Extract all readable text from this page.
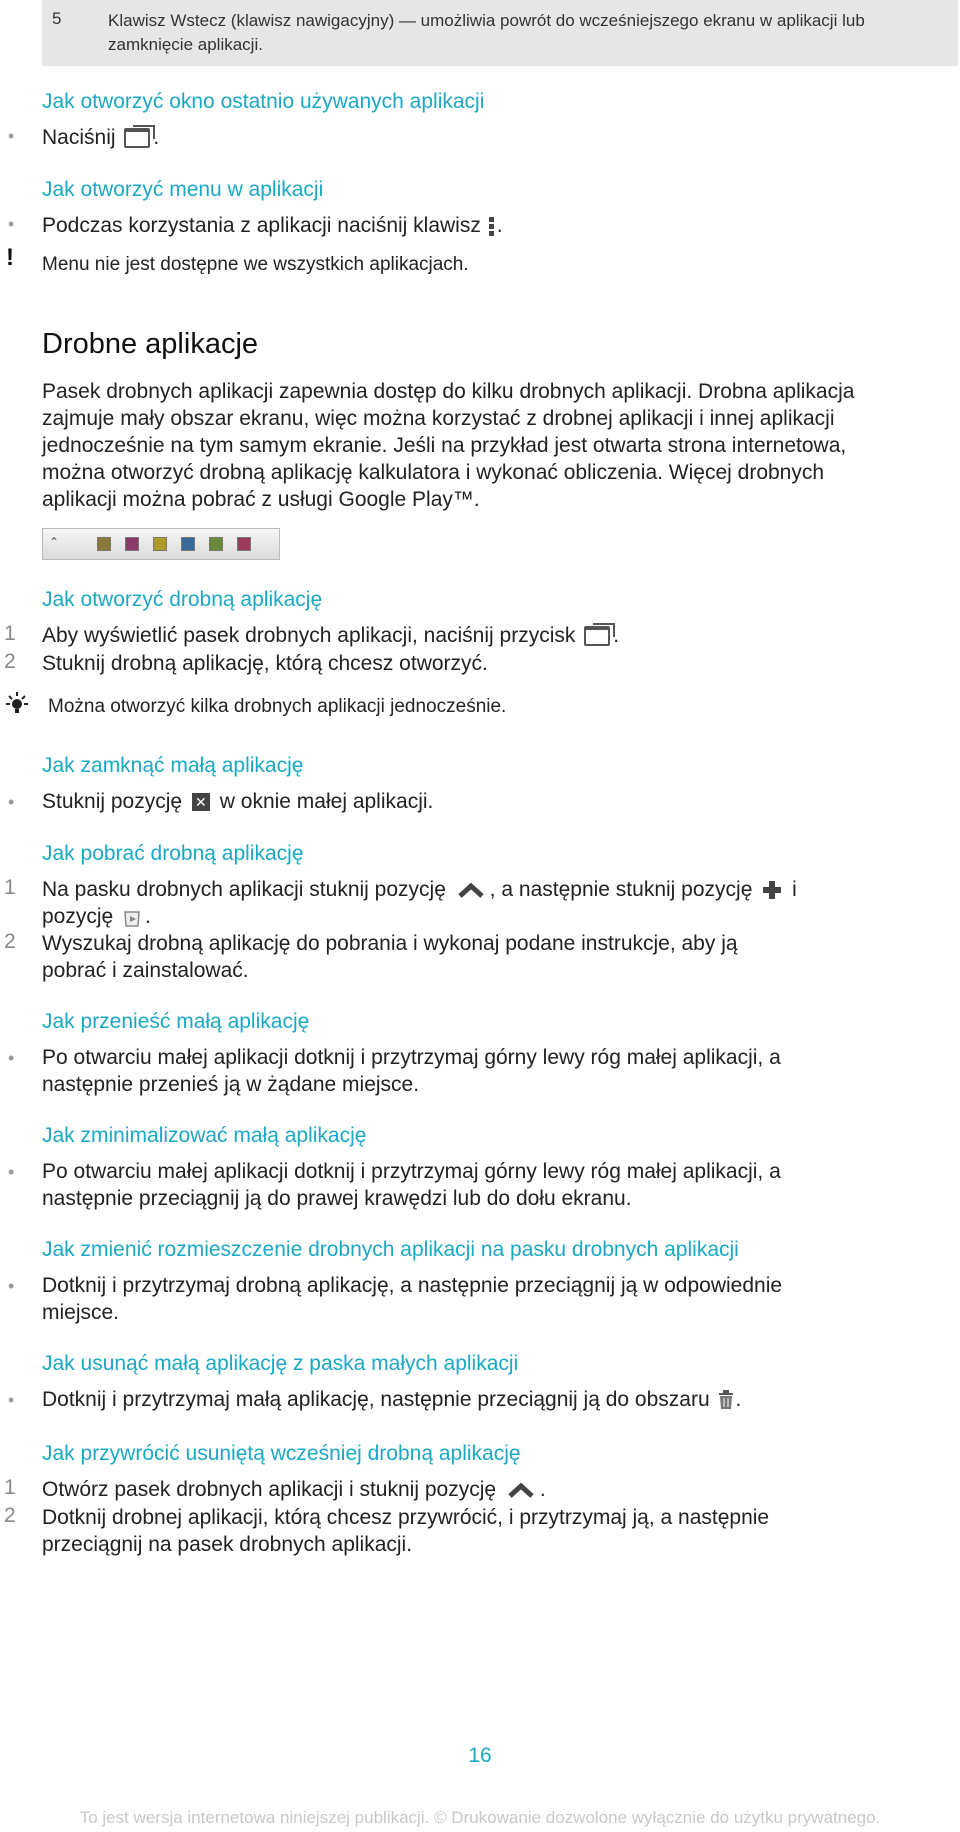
5	Klawisz Wstecz (klawisz nawigacyjny) — umożliwia powrót do wcześniejszego ekranu w aplikacji lub zamknięcie aplikacji.
Jak otworzyć okno ostatnio używanych aplikacji
• Naciśnij .
Jak otworzyć menu w aplikacji
• Podczas korzystania z aplikacji naciśnij klawisz .
! Menu nie jest dostępne we wszystkich aplikacjach.
Drobne aplikacje
Pasek drobnych aplikacji zapewnia dostęp do kilku drobnych aplikacji. Drobna aplikacja
zajmuje mały obszar ekranu, więc można korzystać z drobnej aplikacji i innej aplikacji
jednocześnie na tym samym ekranie. Jeśli na przykład jest otwarta strona internetowa,
można otworzyć drobną aplikację kalkulatora i wykonać obliczenia. Więcej drobnych
aplikacji można pobrać z usługi Google Play™.
⌃
Jak otworzyć drobną aplikację
1 Aby wyświetlić pasek drobnych aplikacji, naciśnij przycisk .
2 Stuknij drobną aplikację, którą chcesz otworzyć.
Można otworzyć kilka drobnych aplikacji jednocześnie.
Jak zamknąć małą aplikację
• Stuknij pozycję ✕ w oknie małej aplikacji.
Jak pobrać drobną aplikację
1 Na pasku drobnych aplikacji stuknij pozycję , a następnie stuknij pozycję i
pozycję .
2 Wyszukaj drobną aplikację do pobrania i wykonaj podane instrukcje, aby ją
pobrać i zainstalować.
Jak przenieść małą aplikację
• Po otwarciu małej aplikacji dotknij i przytrzymaj górny lewy róg małej aplikacji, a
następnie przenieś ją w żądane miejsce.
Jak zminimalizować małą aplikację
• Po otwarciu małej aplikacji dotknij i przytrzymaj górny lewy róg małej aplikacji, a
następnie przeciągnij ją do prawej krawędzi lub do dołu ekranu.
Jak zmienić rozmieszczenie drobnych aplikacji na pasku drobnych aplikacji
• Dotknij i przytrzymaj drobną aplikację, a następnie przeciągnij ją w odpowiednie
miejsce.
Jak usunąć małą aplikację z paska małych aplikacji
• Dotknij i przytrzymaj małą aplikację, następnie przeciągnij ją do obszaru .
Jak przywrócić usuniętą wcześniej drobną aplikację
1 Otwórz pasek drobnych aplikacji i stuknij pozycję .
2 Dotknij drobnej aplikacji, którą chcesz przywrócić, i przytrzymaj ją, a następnie
przeciągnij na pasek drobnych aplikacji.
16
To jest wersja internetowa niniejszej publikacji. © Drukowanie dozwolone wyłącznie do użytku prywatnego.
